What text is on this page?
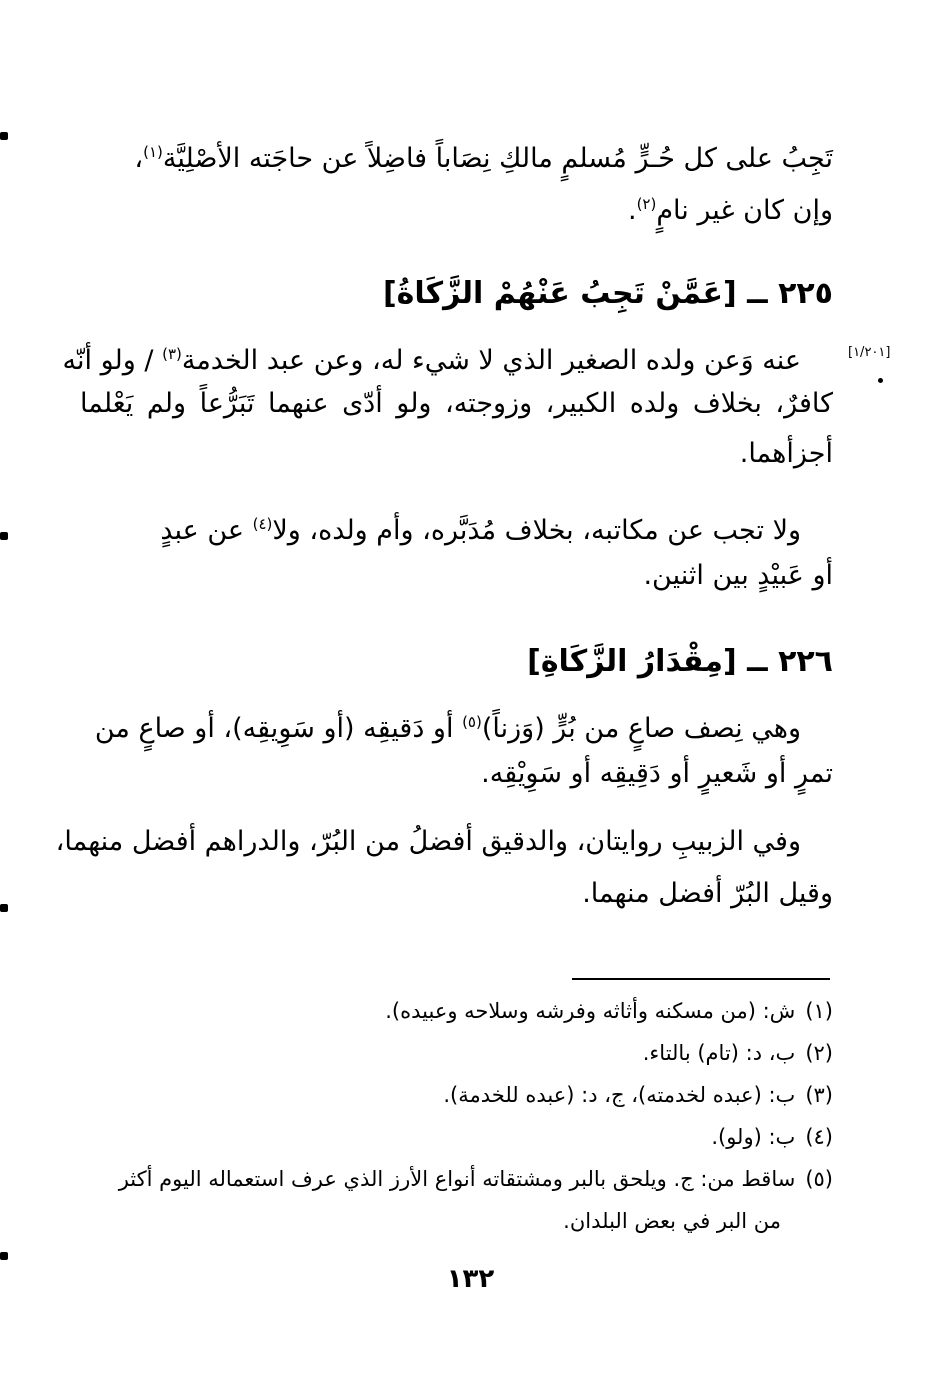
[١/٢٠١]
تَجِبُ على كل حُـرٍّ مُسلمٍ مالكِ نِصَاباً فاضِلاً عن حاجَته الأصْلِيَّة$^{(١)}$،
وإن كان غير نامٍ$^{(٢)}$.
٢٢٥ ــ [عَمَّنْ تَجِبُ عَنْهُمْ الزَّكَاةُ]
عنه وَعن ولده الصغير الذي لا شيء له، وعن عبد الخدمة$^{(٣)}$ / ولو أنّه
كافرٌ، بخلاف ولده الكبير، وزوجته، ولو أدّى عنهما تَبَرُّعاً ولم يَعْلما
أجزأهما.
ولا تجب عن مكاتبه، بخلاف مُدَبَّره، وأم ولده، ولا$^{(٤)}$ عن عبدٍ
أو عَبيْدٍ بين اثنين.
٢٢٦ ــ [مِقْدَارُ الزَّكَاةِ]
وهي نِصف صاعٍ من بُرٍّ (وَزناً)$^{(٥)}$ أو دَقيقِه (أو سَوِيقِه)، أو صاعٍ من
تمرٍ أو شَعيرٍ أو دَقِيقِه أو سَوِيْقِه.
وفي الزبيبِ روايتان، والدقيق أفضلُ من البُرّ، والدراهم أفضل منهما،
وقيل البُرّ أفضل منهما.
(١)ش: (من مسكنه وأثاثه وفرشه وسلاحه وعبيده).
(٢)ب، د: (تام) بالتاء.
(٣)ب: (عبده لخدمته)، ج، د: (عبده للخدمة).
(٤)ب: (ولو).
(٥)ساقط من: ج. ويلحق بالبر ومشتقاته أنواع الأرز الذي عرف استعماله اليوم أكثر
من البر في بعض البلدان.
١٣٢
